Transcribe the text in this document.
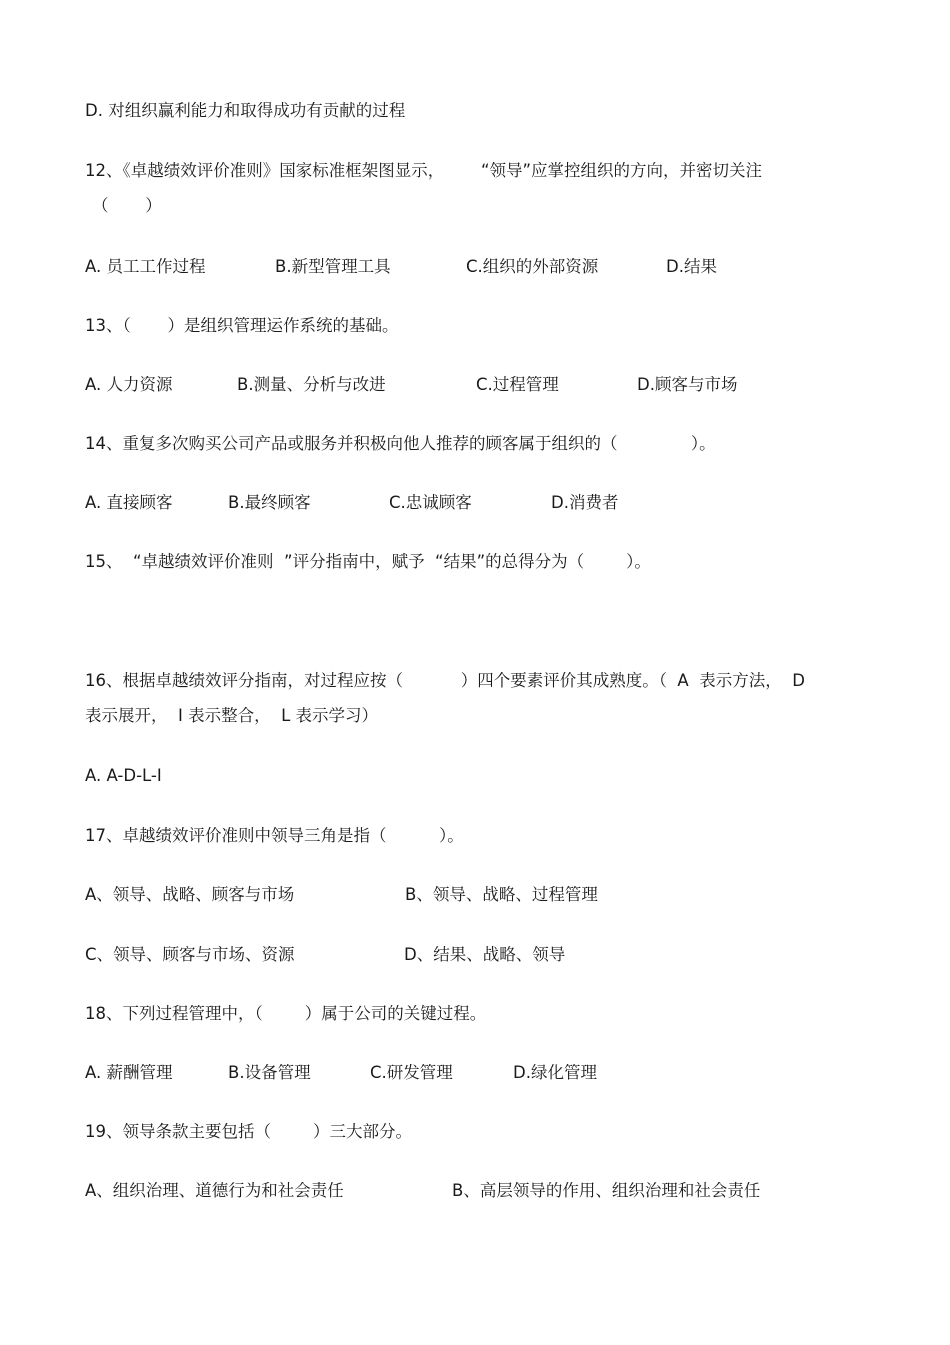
D. 对组织赢利能力和取得成功有贡献的过程
12、《卓越绩效评价准则》国家标准框架图显示，       “领导”应掌控组织的方向，并密切关注
（       ）
A. 员工工作过程	B.新型管理工具	C.组织的外部资源	D.结果
13、（       ）是组织管理运作系统的基础。
A. 人力资源	B.测量、分析与改进	C.过程管理	D.顾客与市场
14、重复多次购买公司产品或服务并积极向他人推荐的顾客属于组织的（              ）。
A. 直接顾客	B.最终顾客	C.忠诚顾客	D.消费者
15、  “卓越绩效评价准则  ”评分指南中，赋予  “结果”的总得分为（        ）。
16、根据卓越绩效评分指南，对过程应按（           ）四个要素评价其成熟度。（  A  表示方法，  D
表示展开，  I 表示整合，  L 表示学习）
A. A-D-L-I
17、卓越绩效评价准则中领导三角是指（          ）。
A、领导、战略、顾客与市场	B、领导、战略、过程管理
C、领导、顾客与市场、资源	D、结果、战略、领导
18、下列过程管理中，（        ）属于公司的关键过程。
A. 薪酬管理	B.设备管理	C.研发管理	D.绿化管理
19、领导条款主要包括（        ）三大部分。
A、组织治理、道德行为和社会责任	B、高层领导的作用、组织治理和社会责任
